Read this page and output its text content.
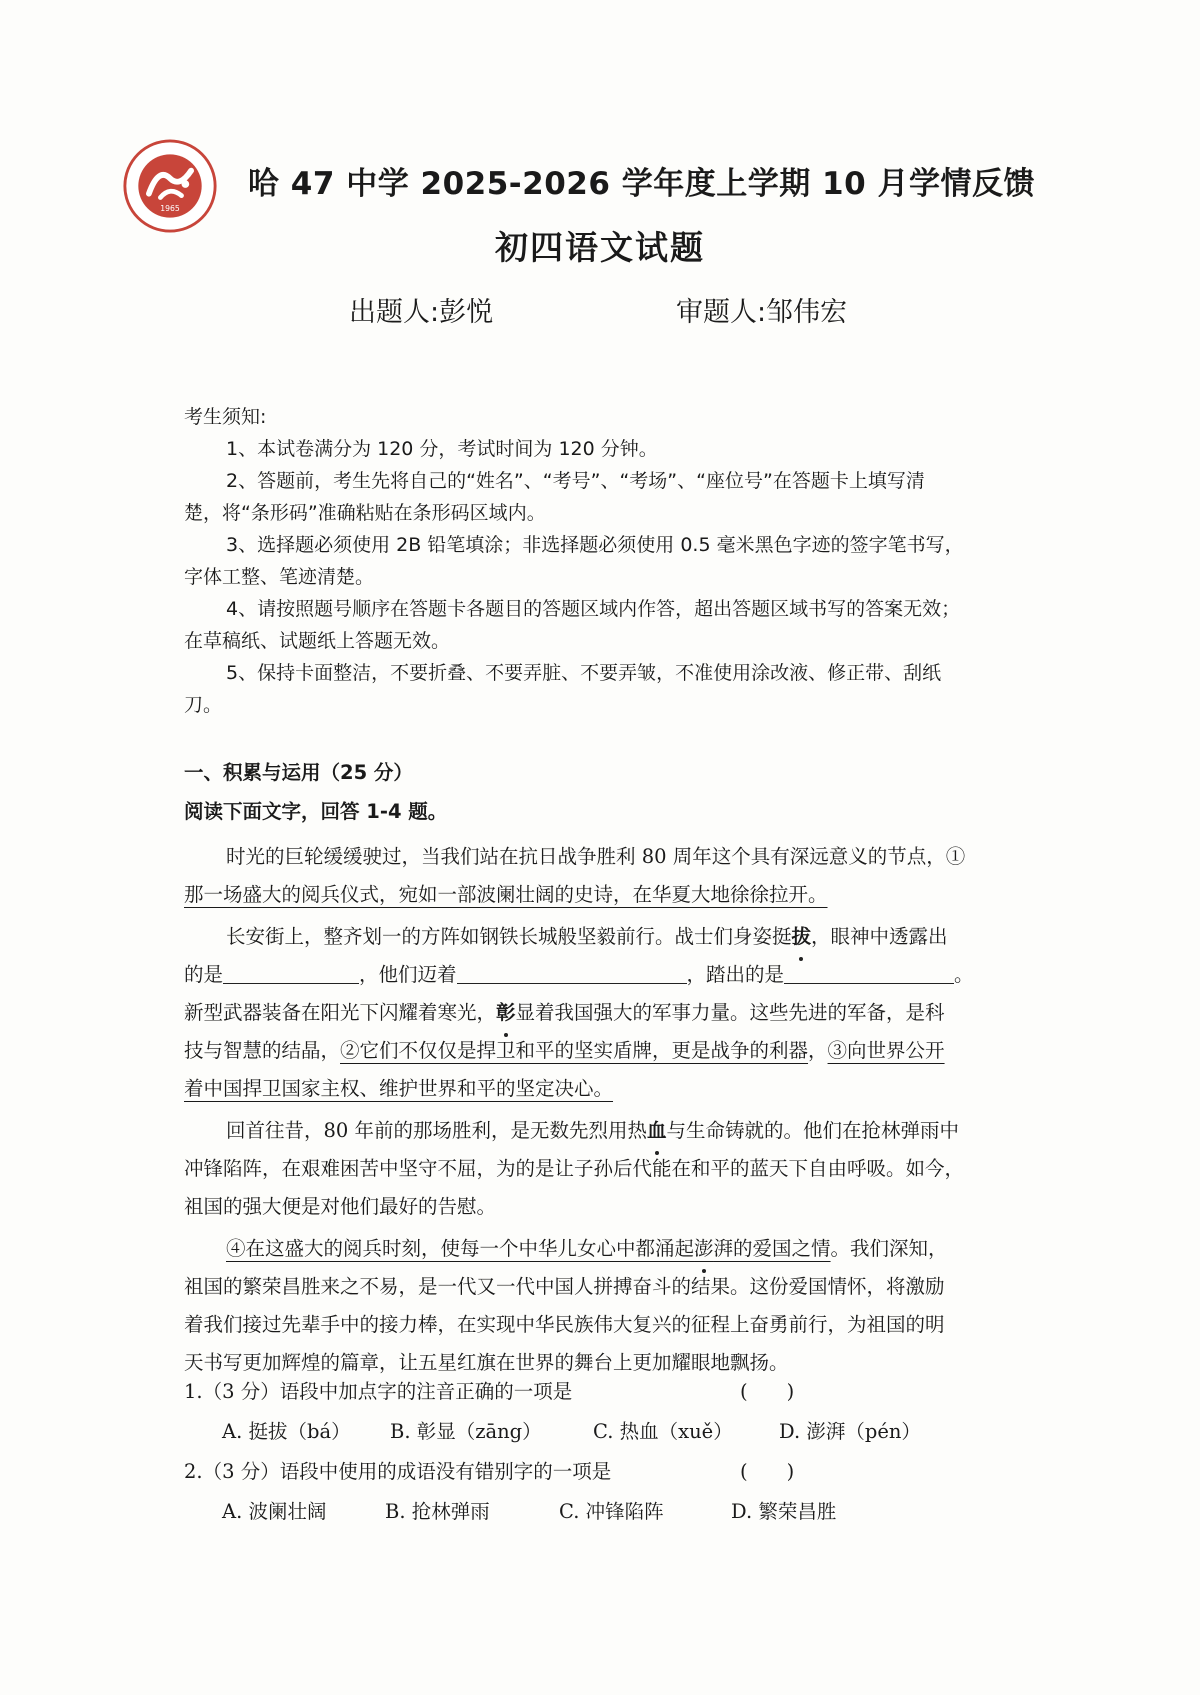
1965
哈 47 中学 2025-2026 学年度上学期 10 月学情反馈
初四语文试题
出题人:彭悦	审题人:邹伟宏

考生须知:

1、本试卷满分为 120 分，考试时间为 120 分钟。

2、答题前，考生先将自己的“姓名”、“考号”、“考场”、“座位号”在答题卡上填写清

楚，将“条形码”准确粘贴在条形码区域内。

3、选择题必须使用 2B 铅笔填涂；非选择题必须使用 0.5 毫米黑色字迹的签字笔书写，

字体工整、笔迹清楚。

4、请按照题号顺序在答题卡各题目的答题区域内作答，超出答题区域书写的答案无效；

在草稿纸、试题纸上答题无效。

5、保持卡面整洁，不要折叠、不要弄脏、不要弄皱，不准使用涂改液、修正带、刮纸

刀。

一、积累与运用（25 分）

阅读下面文字，回答 1-4 题。

时光的巨轮缓缓驶过，当我们站在抗日战争胜利 80 周年这个具有深远意义的节点，①

那一场盛大的阅兵仪式，宛如一部波阑壮阔的史诗，在华夏大地徐徐拉开。

长安街上，整齐划一的方阵如钢铁长城般坚毅前行。战士们身姿挺拔，眼神中透露出

的是	，他们迈着	，踏出的是	。

新型武器装备在阳光下闪耀着寒光，彰显着我国强大的军事力量。这些先进的军备，是科

技与智慧的结晶，②它们不仅仅是捍卫和平的坚实盾牌，更是战争的利器，③向世界公开

着中国捍卫国家主权、维护世界和平的坚定决心。

回首往昔，80 年前的那场胜利，是无数先烈用热血与生命铸就的。他们在抢林弹雨中

冲锋陷阵，在艰难困苦中坚守不屈，为的是让子孙后代能在和平的蓝天下自由呼吸。如今，

祖国的强大便是对他们最好的告慰。

④在这盛大的阅兵时刻，使每一个中华儿女心中都涌起澎湃的爱国之情。我们深知，

祖国的繁荣昌胜来之不易，是一代又一代中国人拼搏奋斗的结果。这份爱国情怀，将激励

着我们接过先辈手中的接力棒，在实现中华民族伟大复兴的征程上奋勇前行，为祖国的明

天书写更加辉煌的篇章，让五星红旗在世界的舞台上更加耀眼地飘扬。

1.（3 分）语段中加点字的注音正确的一项是	(　　)
A. 挺拔（bá） B. 彰显（zāng）	C. 热血（xuě） D. 澎湃（pén）
2.（3 分）语段中使用的成语没有错别字的一项是	(　　)
A. 波阑壮阔	B. 抢林弹雨	C. 冲锋陷阵	D. 繁荣昌胜
